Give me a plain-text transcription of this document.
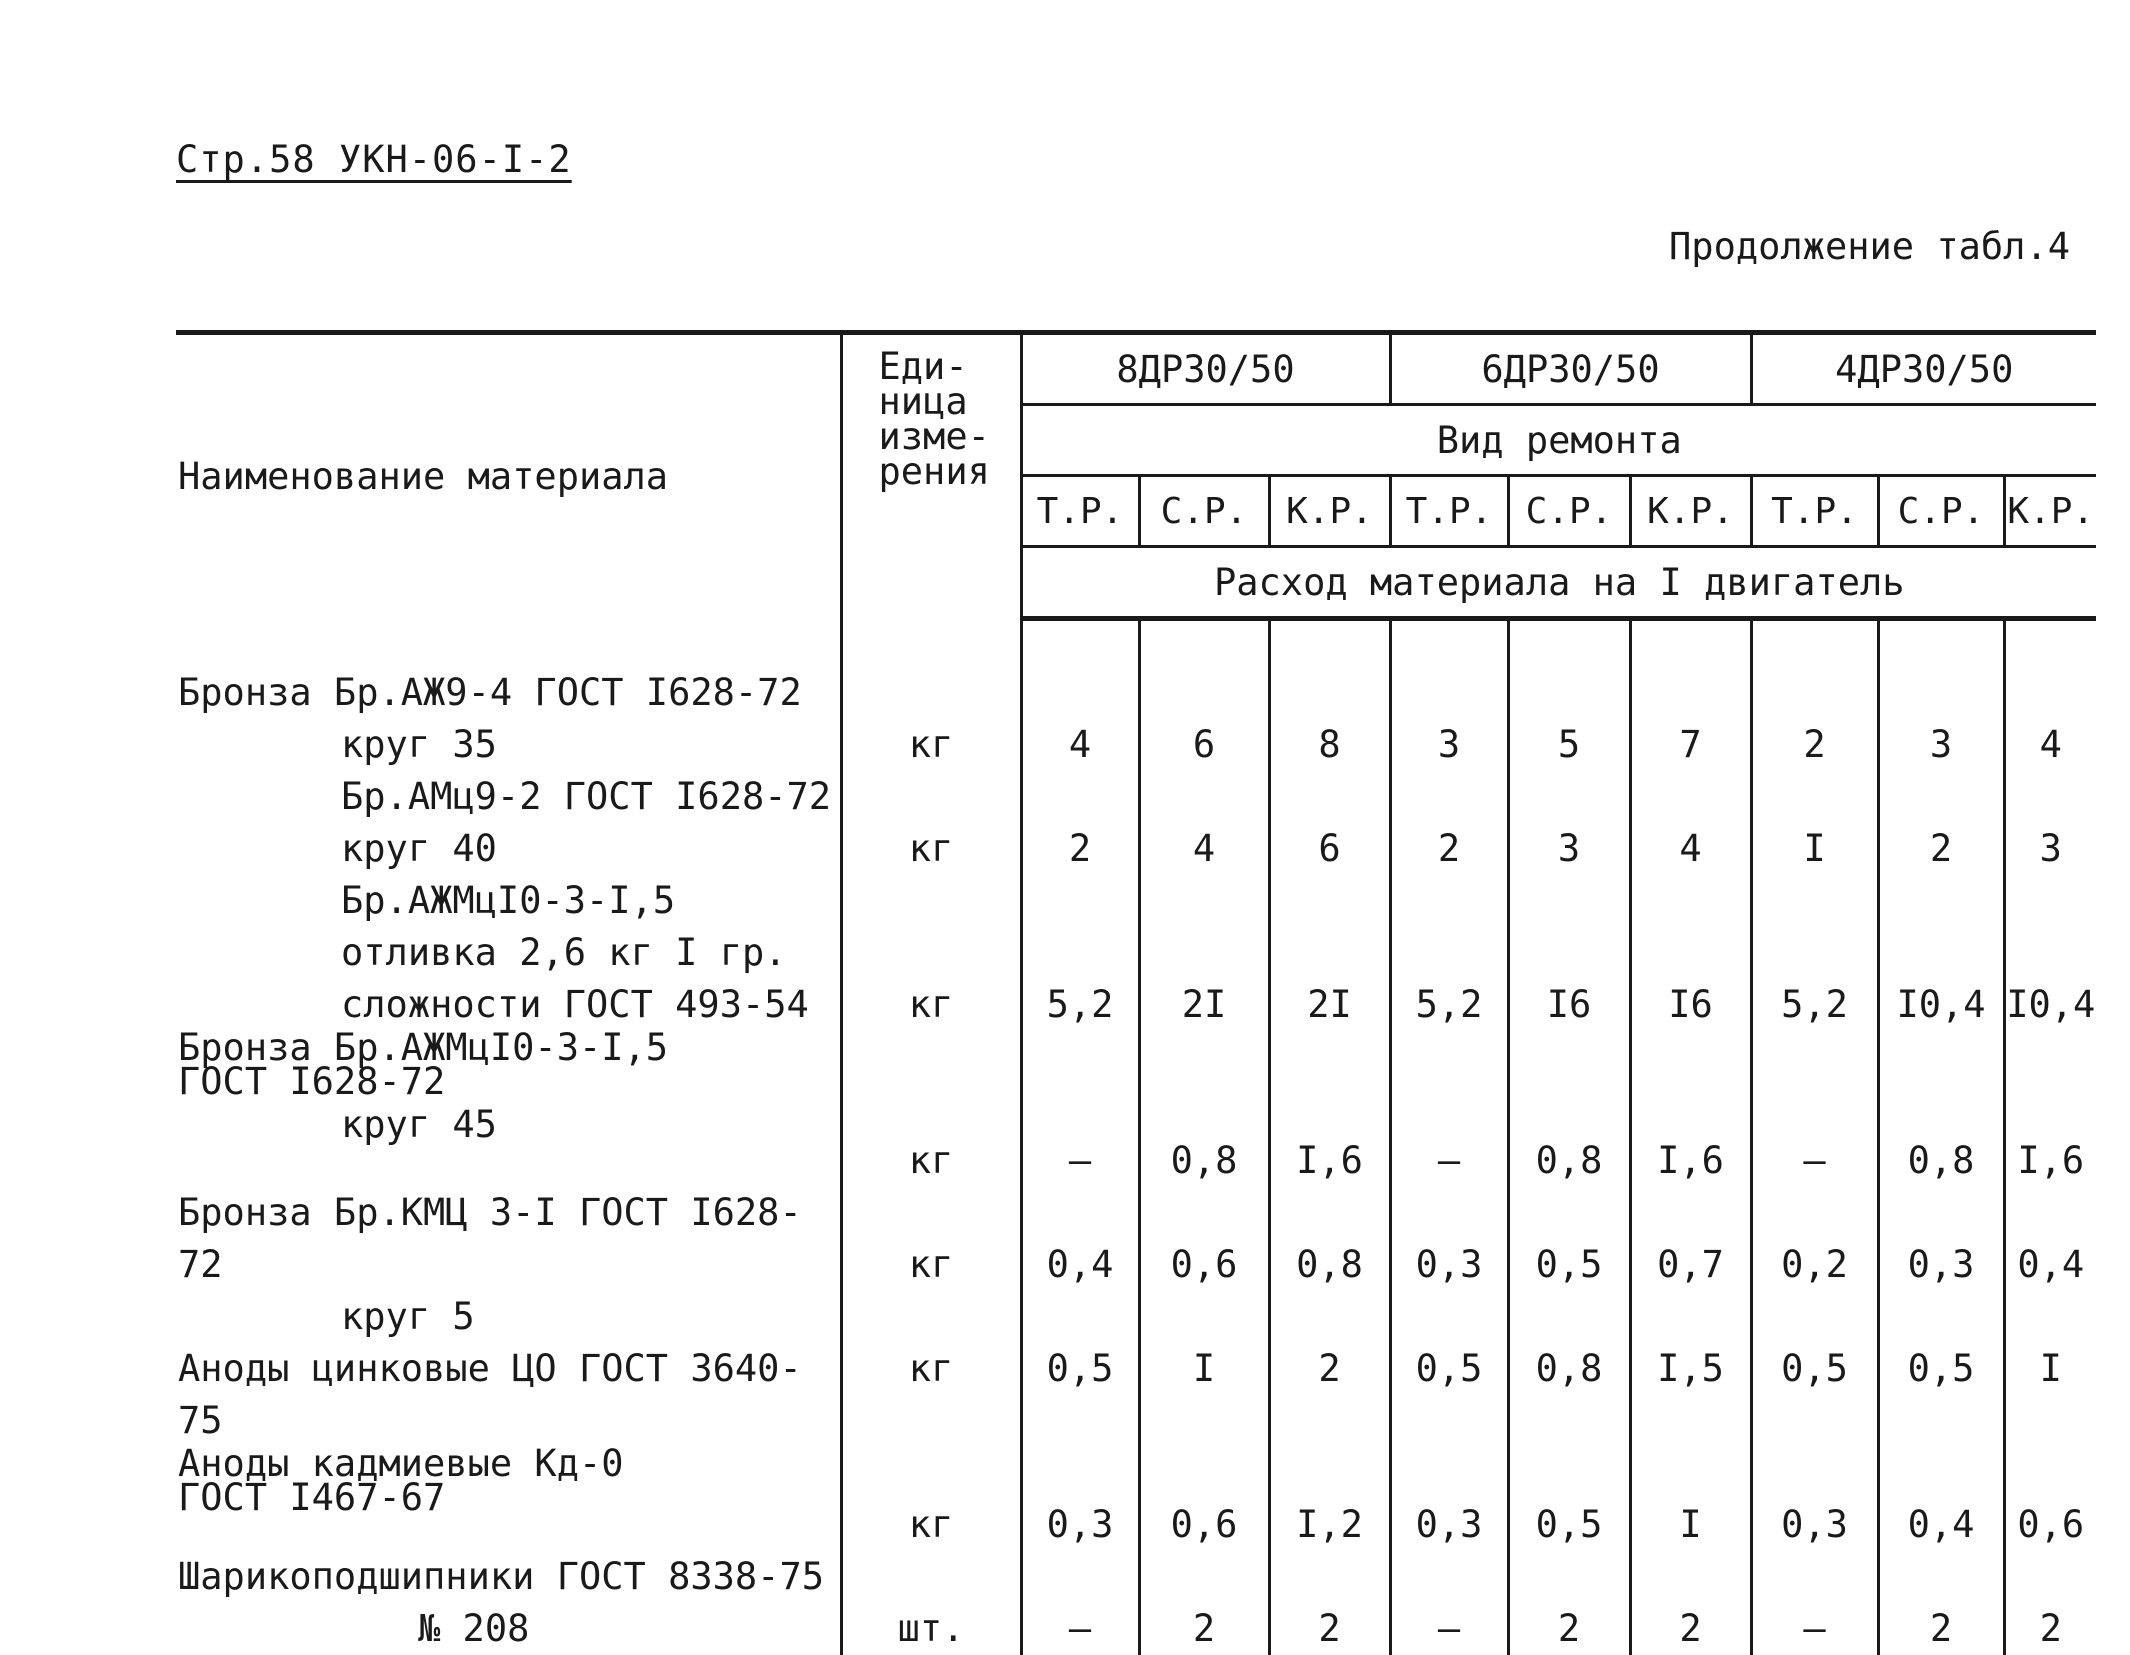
Стр.58 УКН-06-I-2
Продолжение табл.4
Наименование материала	Еди-
ница
изме-
рения	8ДР30/50			6ДР30/50			4ДР30/50		
		Вид ремонта								
		Т.Р.	С.Р.	К.Р.	Т.Р.	С.Р.	К.Р.	Т.Р.	С.Р.	К.Р.
		Расход материала на I двигатель								

Бронза Бр.АЖ9-4 ГОСТ I628-72
круг 35	кг	4	6	8	3	5	7	2	3	4

Бр.АМц9-2 ГОСТ I628-72
круг 40	кг	2	4	6	2	3	4	I	2	3

Бр.АЖМцI0-3-I,5
отливка 2,6 кг I гр.
сложности ГОСТ 493-54	кг	5,2	2I	2I	5,2	I6	I6	5,2	I0,4	I0,4

Бронза Бр.АЖМцI0-3-I,5
ГОСТ I628-72
круг 45	кг	–	0,8	I,6	–	0,8	I,6	–	0,8	I,6

Бронза Бр.КМЦ 3-I ГОСТ I628-72
круг 5	кг	0,4	0,6	0,8	0,3	0,5	0,7	0,2	0,3	0,4

Аноды цинковые ЦО ГОСТ 3640-75	кг	0,5	I	2	0,5	0,8	I,5	0,5	0,5	I

Аноды кадмиевые Кд-0
ГОСТ I467-67	кг	0,3	0,6	I,2	0,3	0,5	I	0,3	0,4	0,6

Шарикоподшипники ГОСТ 8338-75
№ 208	шт.	–	2	2	–	2	2	–	2	2
